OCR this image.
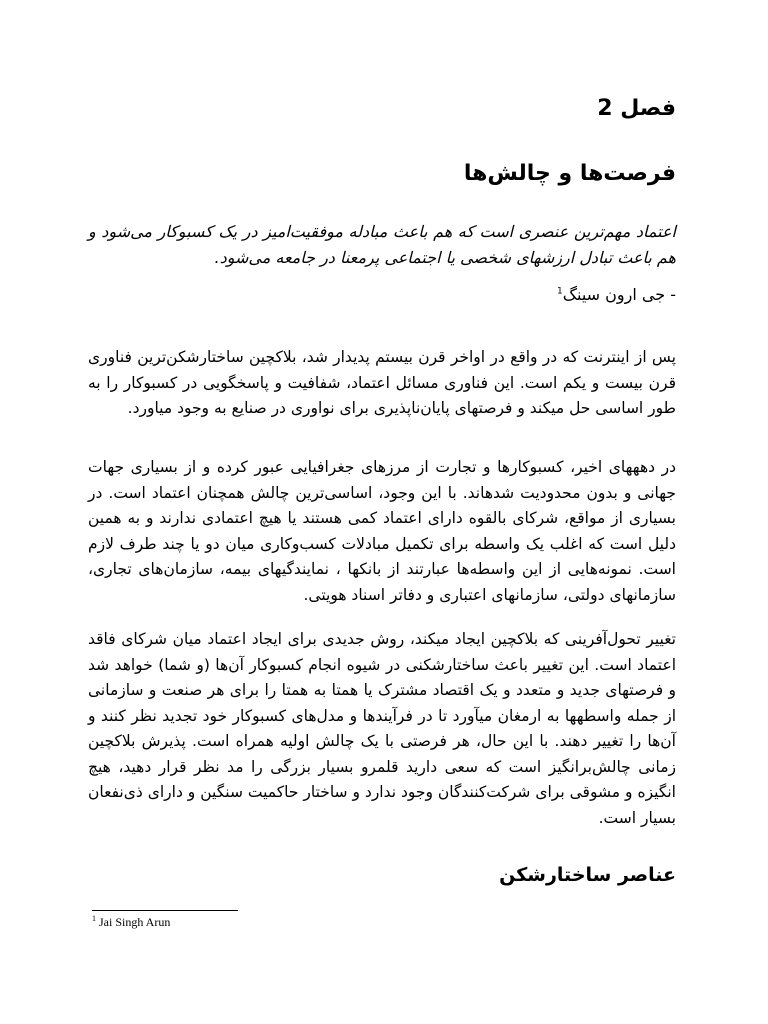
فصل 2
فرصت‌ها و چالش‌ها
اعتماد مهم‌ترین عنصری است که هم باعث مبادله موفقیت‌امیز در یک کسبوکار می‌شود و هم باعث تبادل ارزشهای شخصی یا اجتماعی پرمعنا در جامعه می‌شود.
- جی ارون سینگ$^1$

پس از اینترنت که در واقع در اواخر قرن بیستم پدیدار شد، بلاکچین ساختارشکن‌ترین فناوری قرن بیست و یکم است. این فناوری مسائل اعتماد، شفافیت و پاسخگویی در کسبوکار را به طور اساسی حل میکند و فرصتهای پایان‌ناپذیری برای نواوری در صنایع به وجود میاورد.

در دهههای اخیر، کسبوکارها و تجارت از مرزهای جغرافیایی عبور کرده و از بسیاری جهات جهانی و بدون محدودیت شدهاند. با این وجود، اساسی‌ترین چالش همچنان اعتماد است. در بسیاری از مواقع، شرکای بالقوه دارای اعتماد کمی هستند یا هیچ اعتمادی ندارند و به همین دلیل است که اغلب یک واسطه برای تکمیل مبادلات کسب‌وکاری میان دو یا چند طرف لازم است. نمونه‌هایی از این واسطه‌ها عبارتند از بانکها ، نمایندگیهای بیمه، سازمان‌های تجاری، سازمانهای دولتی، سازمانهای اعتباری و دفاتر اسناد هویتی.

تغییر تحول‌آفرینی که بلاکچین ایجاد میکند، روش جدیدی برای ایجاد اعتماد میان شرکای فاقد اعتماد است. این تغییر باعث ساختارشکنی در شیوه انجام کسبوکار آن‌ها (و شما) خواهد شد و فرصتهای جدید و متعدد و یک اقتصاد مشترک یا همتا به همتا را برای هر صنعت و سازمانی از جمله واسطهها به ارمغان میآورد تا در فرآیندها و مدل‌های کسبوکار خود تجدید نظر کنند و آن‌ها را تغییر دهند. با این حال، هر فرصتی با یک چالش اولیه همراه است. پذیرش بلاکچین زمانی چالش‌برانگیز است که سعی دارید قلمرو بسیار بزرگی را مد نظر قرار دهید، هیچ انگیزه و مشوقی برای شرکت‌کنندگان وجود ندارد و ساختار حاکمیت سنگین و دارای ذی‌نفعان بسیار است.

عناصر ساختارشکن
$^1$ Jai Singh Arun
